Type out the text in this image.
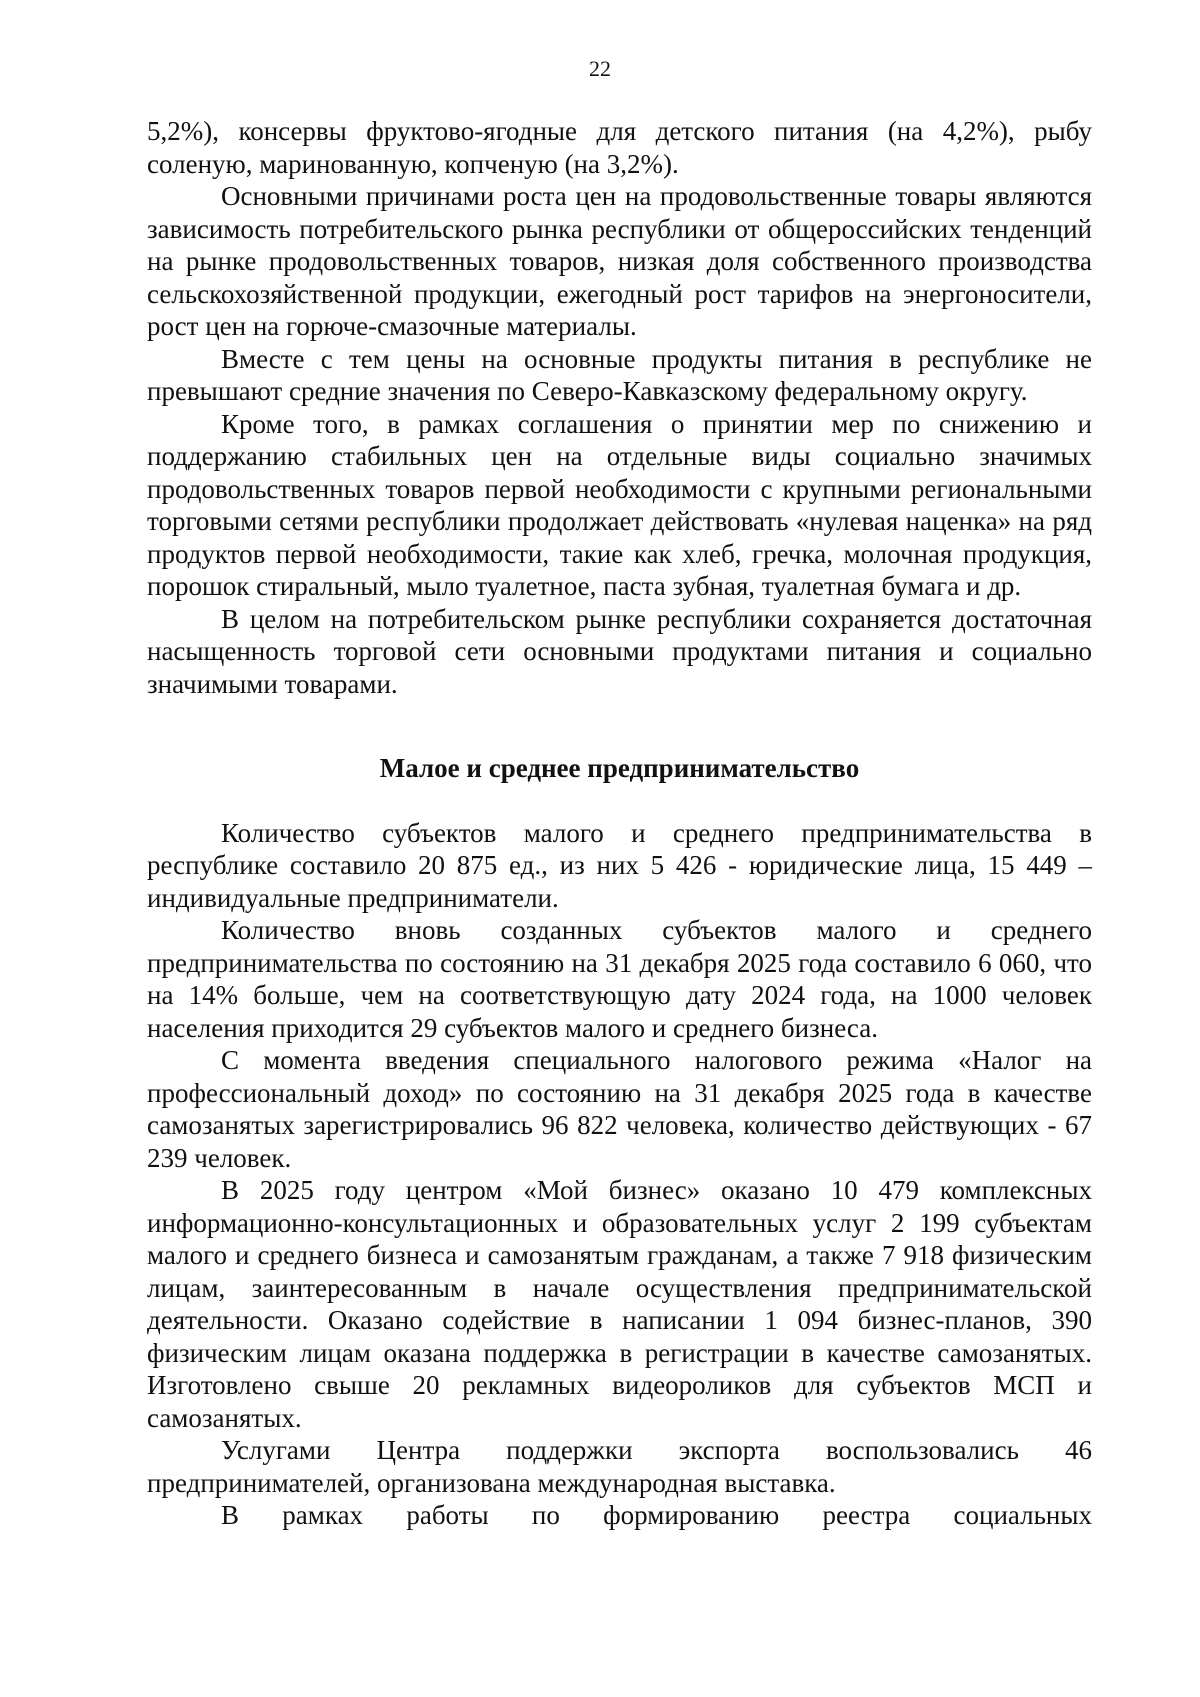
22

5,2%), консервы фруктово-ягодные для детского питания (на 4,2%), рыбу соленую, маринованную, копченую (на 3,2%).

Основными причинами роста цен на продовольственные товары являются зависимость потребительского рынка республики от общероссийских тенденций на рынке продовольственных товаров, низкая доля собственного производства сельскохозяйственной продукции, ежегодный рост тарифов на энергоносители, рост цен на горюче-смазочные материалы.

Вместе с тем цены на основные продукты питания в республике не превышают средние значения по Северо-Кавказскому федеральному округу.

Кроме того, в рамках соглашения о принятии мер по снижению и поддержанию стабильных цен на отдельные виды социально значимых продовольственных товаров первой необходимости с крупными региональными торговыми сетями республики продолжает действовать «нулевая наценка» на ряд продуктов первой необходимости, такие как хлеб, гречка, молочная продукция, порошок стиральный, мыло туалетное, паста зубная, туалетная бумага и др.

В целом на потребительском рынке республики сохраняется достаточная насыщенность торговой сети основными продуктами питания и социально значимыми товарами.

Малое и среднее предпринимательство

Количество субъектов малого и среднего предпринимательства в республике составило 20 875 ед., из них 5 426 - юридические лица, 15 449 – индивидуальные предприниматели.

Количество вновь созданных субъектов малого и среднего предпринимательства по состоянию на 31 декабря 2025 года составило 6 060, что на 14% больше, чем на соответствующую дату 2024 года, на 1000 человек населения приходится 29 субъектов малого и среднего бизнеса.

С момента введения специального налогового режима «Налог на профессиональный доход» по состоянию на 31 декабря 2025 года в качестве самозанятых зарегистрировались 96 822 человека, количество действующих - 67 239 человек.

В 2025 году центром «Мой бизнес» оказано 10 479 комплексных информационно-консультационных и образовательных услуг 2 199 субъектам малого и среднего бизнеса и самозанятым гражданам, а также 7 918 физическим лицам, заинтересованным в начале осуществления предпринимательской деятельности. Оказано содействие в написании 1 094 бизнес-планов, 390 физическим лицам оказана поддержка в регистрации в качестве самозанятых. Изготовлено свыше 20 рекламных видеороликов для субъектов МСП и самозанятых.

Услугами Центра поддержки экспорта воспользовались 46 предпринимателей, организована международная выставка.

В рамках работы по формированию реестра социальных
